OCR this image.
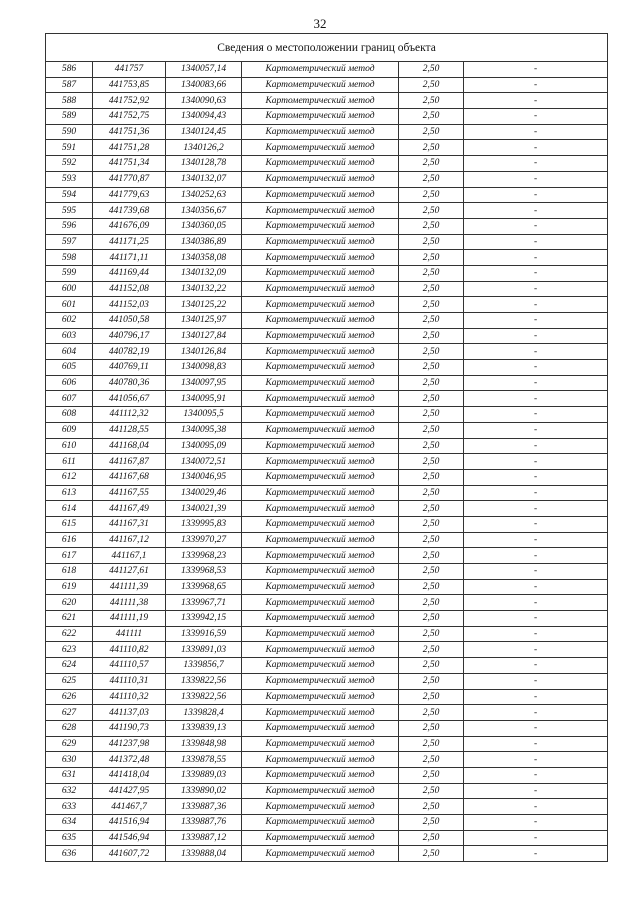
32
Сведения о местоположении границ объекта					
586	441757	1340057,14	Картометрический метод	2,50	-
587	441753,85	1340083,66	Картометрический метод	2,50	-
588	441752,92	1340090,63	Картометрический метод	2,50	-
589	441752,75	1340094,43	Картометрический метод	2,50	-
590	441751,36	1340124,45	Картометрический метод	2,50	-
591	441751,28	1340126,2	Картометрический метод	2,50	-
592	441751,34	1340128,78	Картометрический метод	2,50	-
593	441770,87	1340132,07	Картометрический метод	2,50	-
594	441779,63	1340252,63	Картометрический метод	2,50	-
595	441739,68	1340356,67	Картометрический метод	2,50	-
596	441676,09	1340360,05	Картометрический метод	2,50	-
597	441171,25	1340386,89	Картометрический метод	2,50	-
598	441171,11	1340358,08	Картометрический метод	2,50	-
599	441169,44	1340132,09	Картометрический метод	2,50	-
600	441152,08	1340132,22	Картометрический метод	2,50	-
601	441152,03	1340125,22	Картометрический метод	2,50	-
602	441050,58	1340125,97	Картометрический метод	2,50	-
603	440796,17	1340127,84	Картометрический метод	2,50	-
604	440782,19	1340126,84	Картометрический метод	2,50	-
605	440769,11	1340098,83	Картометрический метод	2,50	-
606	440780,36	1340097,95	Картометрический метод	2,50	-
607	441056,67	1340095,91	Картометрический метод	2,50	-
608	441112,32	1340095,5	Картометрический метод	2,50	-
609	441128,55	1340095,38	Картометрический метод	2,50	-
610	441168,04	1340095,09	Картометрический метод	2,50	-
611	441167,87	1340072,51	Картометрический метод	2,50	-
612	441167,68	1340046,95	Картометрический метод	2,50	-
613	441167,55	1340029,46	Картометрический метод	2,50	-
614	441167,49	1340021,39	Картометрический метод	2,50	-
615	441167,31	1339995,83	Картометрический метод	2,50	-
616	441167,12	1339970,27	Картометрический метод	2,50	-
617	441167,1	1339968,23	Картометрический метод	2,50	-
618	441127,61	1339968,53	Картометрический метод	2,50	-
619	441111,39	1339968,65	Картометрический метод	2,50	-
620	441111,38	1339967,71	Картометрический метод	2,50	-
621	441111,19	1339942,15	Картометрический метод	2,50	-
622	441111	1339916,59	Картометрический метод	2,50	-
623	441110,82	1339891,03	Картометрический метод	2,50	-
624	441110,57	1339856,7	Картометрический метод	2,50	-
625	441110,31	1339822,56	Картометрический метод	2,50	-
626	441110,32	1339822,56	Картометрический метод	2,50	-
627	441137,03	1339828,4	Картометрический метод	2,50	-
628	441190,73	1339839,13	Картометрический метод	2,50	-
629	441237,98	1339848,98	Картометрический метод	2,50	-
630	441372,48	1339878,55	Картометрический метод	2,50	-
631	441418,04	1339889,03	Картометрический метод	2,50	-
632	441427,95	1339890,02	Картометрический метод	2,50	-
633	441467,7	1339887,36	Картометрический метод	2,50	-
634	441516,94	1339887,76	Картометрический метод	2,50	-
635	441546,94	1339887,12	Картометрический метод	2,50	-
636	441607,72	1339888,04	Картометрический метод	2,50	-
